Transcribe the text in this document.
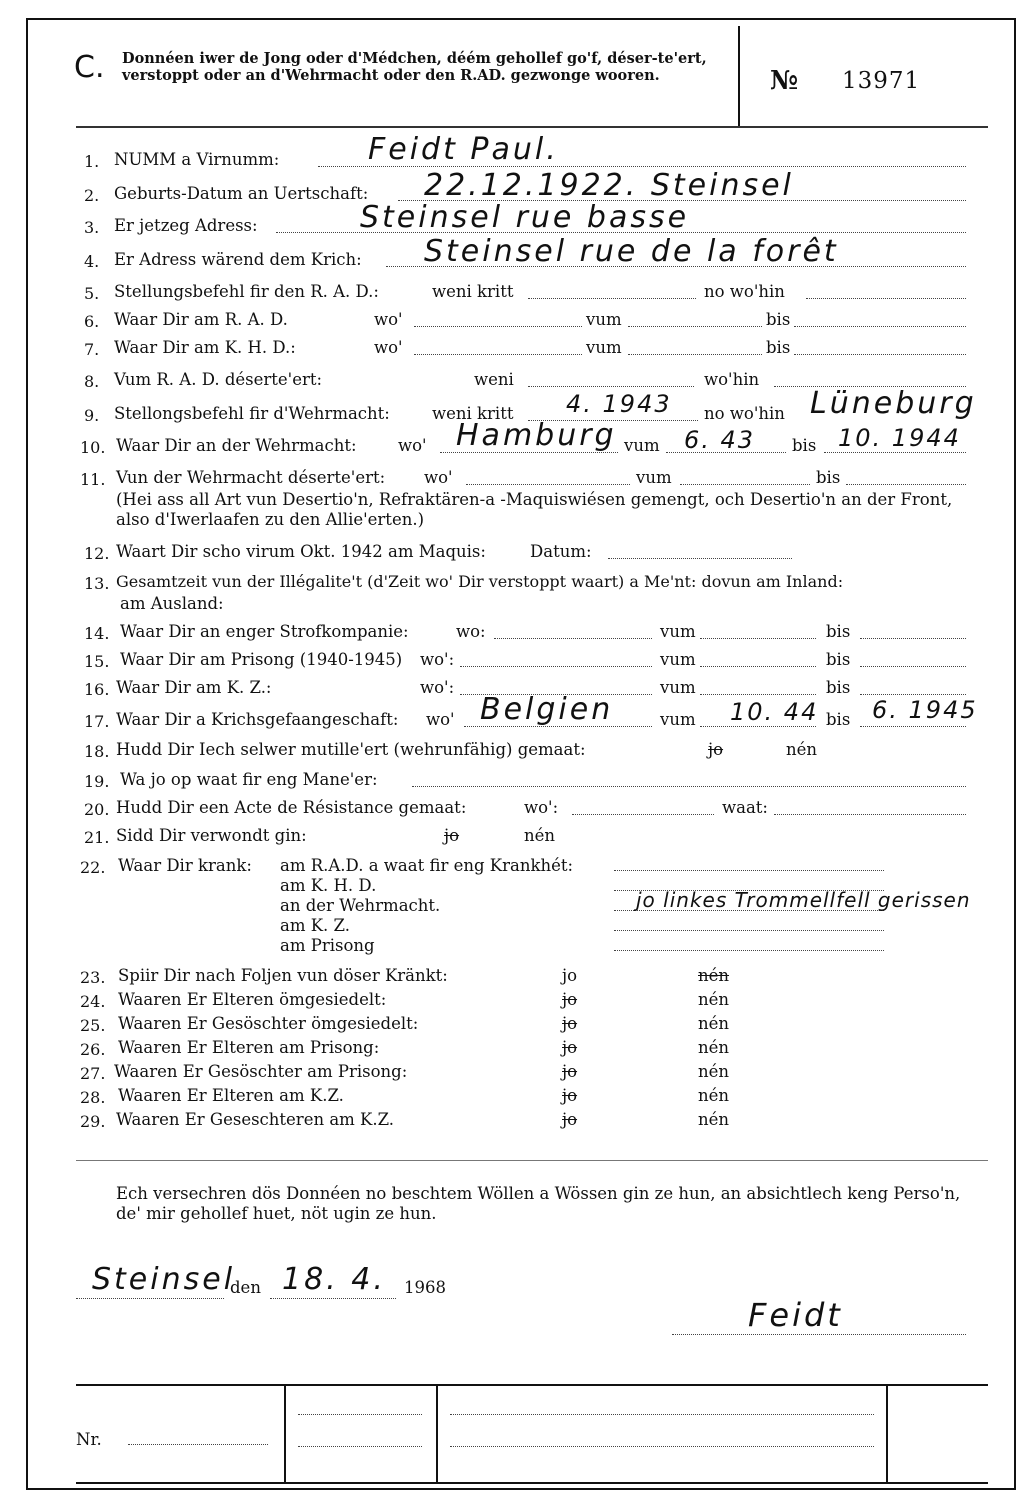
C. Donnéen iwer de Jong oder d'Médchen, déém gehollef go'f, déser-te'ert, verstoppt oder an d'Wehrmacht oder den R.AD. gezwonge wooren.	№ 13971
1. NUMM a Virnumm:	Feidt Paul.
2. Geburts-Datum an Uertschaft: 22.12.1922. Steinsel
3. Er jetzeg Adress:	Steinsel rue basse
4. Er Adress wärend dem Krich: Steinsel rue de la forêt
5. Stellungsbefehl fir den R. A. D.:	weni kritt	no wo'hin
6. Waar Dir am R. A. D.	wo'	vum	bis
7. Waar Dir am K. H. D.:	wo'	vum	bis
8. Vum R. A. D. déserte'ert:	weni	wo'hin
9. Stellongsbefehl fir d'Wehrmacht:	weni kritt 4. 1943 no wo'hin Lüneburg
10. Waar Dir an der Wehrmacht:	wo' Hamburg vum 6. 43 bis 10. 1944
11. Vun der Wehrmacht déserte'ert: wo'	vum	bis
(Hei ass all Art vun Desertio'n, Refraktären-a -Maquiswiésen gemengt, och Desertio'n an der Front, also d'Iwerlaafen zu den Allie'erten.)
12. Waart Dir scho virum Okt. 1942 am Maquis:	Datum:
13. Gesamtzeit vun der Illégalite't (d'Zeit wo' Dir verstoppt waart) a Me'nt: dovun am Inland:
am Ausland:
14. Waar Dir an enger Strofkompanie:	wo:	vum	bis
15. Waar Dir am Prisong (1940-1945) wo':	vum	bis
16. Waar Dir am K. Z.:	wo':	vum	bis
17. Waar Dir a Krichsgefaangeschaft: wo' Belgien	vum 10. 44 bis 6. 1945
18. Hudd Dir Iech selwer mutille'ert (wehrunfähig) gemaat:	jo	nén
19. Wa jo op waat fir eng Mane'er:
20. Hudd Dir een Acte de Résistance gemaat:	wo':	waat:
21. Sidd Dir verwondt gin:	jo	nén
22. Waar Dir krank: am R.A.D. a waat fir eng Krankhét:
am K. H. D.
an der Wehrmacht.
am K. Z.
am Prisong
jo linkes Trommellfell gerissen
23. Spiir Dir nach Foljen vun döser Kränkt:	jo	nén
24. Waaren Er Elteren ömgesiedelt:	jo	nén
25. Waaren Er Gesöschter ömgesiedelt:	jo	nén
26. Waaren Er Elteren am Prisong:	jo	nén
27. Waaren Er Gesöschter am Prisong:	jo	nén
28. Waaren Er Elteren am K.Z.	jo	nén
29. Waaren Er Geseschteren am K.Z.	jo	nén
Ech versechren dös Donnéen no beschtem Wöllen a Wössen gin ze hun, an absichtlech keng Perso'n, de' mir gehollef huet, nöt ugin ze hun.
Steinsel
den 18. 4. 1968
Feidt
Nr.
